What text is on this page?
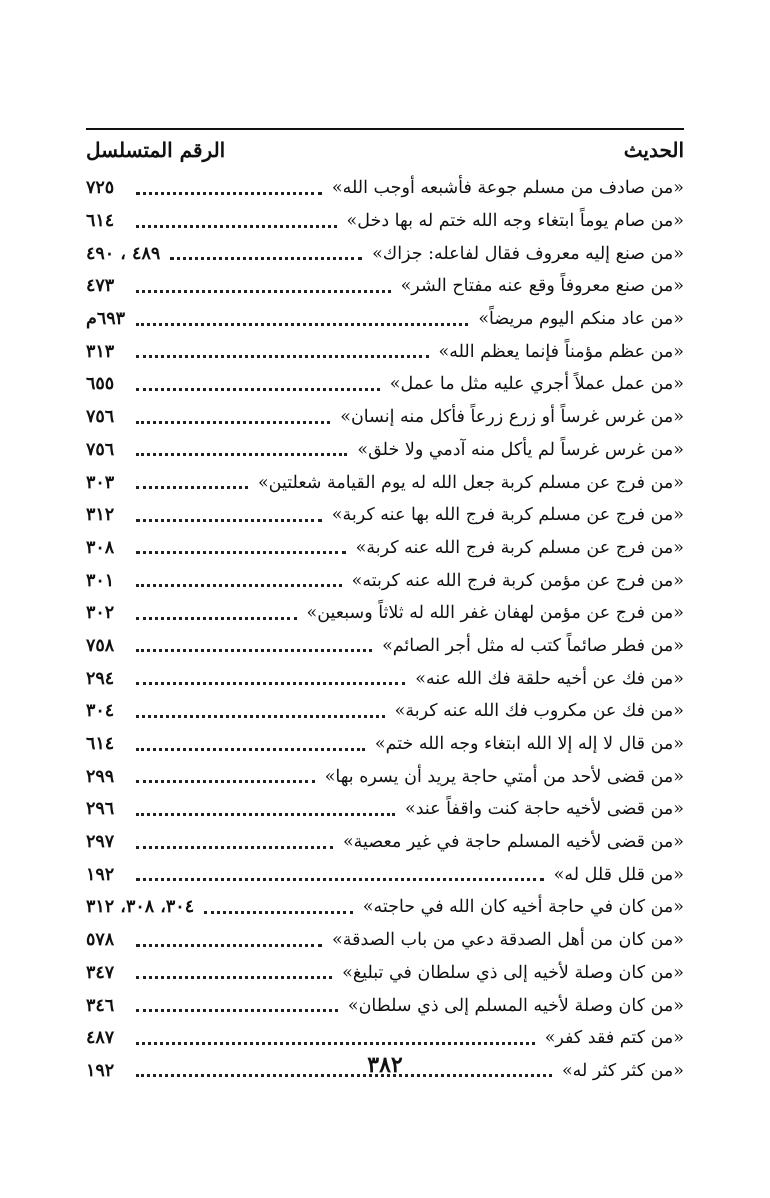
الحديث
الرقم المتسلسل
«من صادف من مسلم جوعة فأشبعه أوجب الله»
٧٢٥
«من صام يوماً ابتغاء وجه الله ختم له بها دخل»
٦١٤
«من صنع إليه معروف فقال لفاعله: جزاك»
٤٨٩ ، ٤٩٠
«من صنع معروفاً وقع عنه مفتاح الشر»
٤٧٣
«من عاد منكم اليوم مريضاً»
٦٩٣م
«من عظم مؤمناً فإنما يعظم الله»
٣١٣
«من عمل عملاً أجري عليه مثل ما عمل»
٦٥٥
«من غرس غرساً أو زرع زرعاً فأكل منه إنسان»
٧٥٦
«من غرس غرساً لم يأكل منه آدمي ولا خلق»
٧٥٦
«من فرج عن مسلم كربة جعل الله له يوم القيامة شعلتين»
٣٠٣
«من فرج عن مسلم كربة فرج الله بها عنه كربة»
٣١٢
«من فرج عن مسلم كربة فرج الله عنه كربة»
٣٠٨
«من فرج عن مؤمن كربة فرج الله عنه كربته»
٣٠١
«من فرج عن مؤمن لهفان غفر الله له ثلاثاً وسبعين»
٣٠٢
«من فطر صائماً كتب له مثل أجر الصائم»
٧٥٨
«من فك عن أخيه حلقة فك الله عنه»
٢٩٤
«من فك عن مكروب فك الله عنه كربة»
٣٠٤
«من قال لا إله إلا الله ابتغاء وجه الله ختم»
٦١٤
«من قضى لأحد من أمتي حاجة يريد أن يسره بها»
٢٩٩
«من قضى لأخيه حاجة كنت واقفاً عند»
٢٩٦
«من قضى لأخيه المسلم حاجة في غير معصية»
٢٩٧
«من قلل قلل له»
١٩٢
«من كان في حاجة أخيه كان الله في حاجته»
٣٠٤، ٣٠٨، ٣١٢
«من كان من أهل الصدقة دعي من باب الصدقة»
٥٧٨
«من كان وصلة لأخيه إلى ذي سلطان في تبليغ»
٣٤٧
«من كان وصلة لأخيه المسلم إلى ذي سلطان»
٣٤٦
«من كتم فقد كفر»
٤٨٧
«من كثر كثر له»
١٩٢	٣٨٢
